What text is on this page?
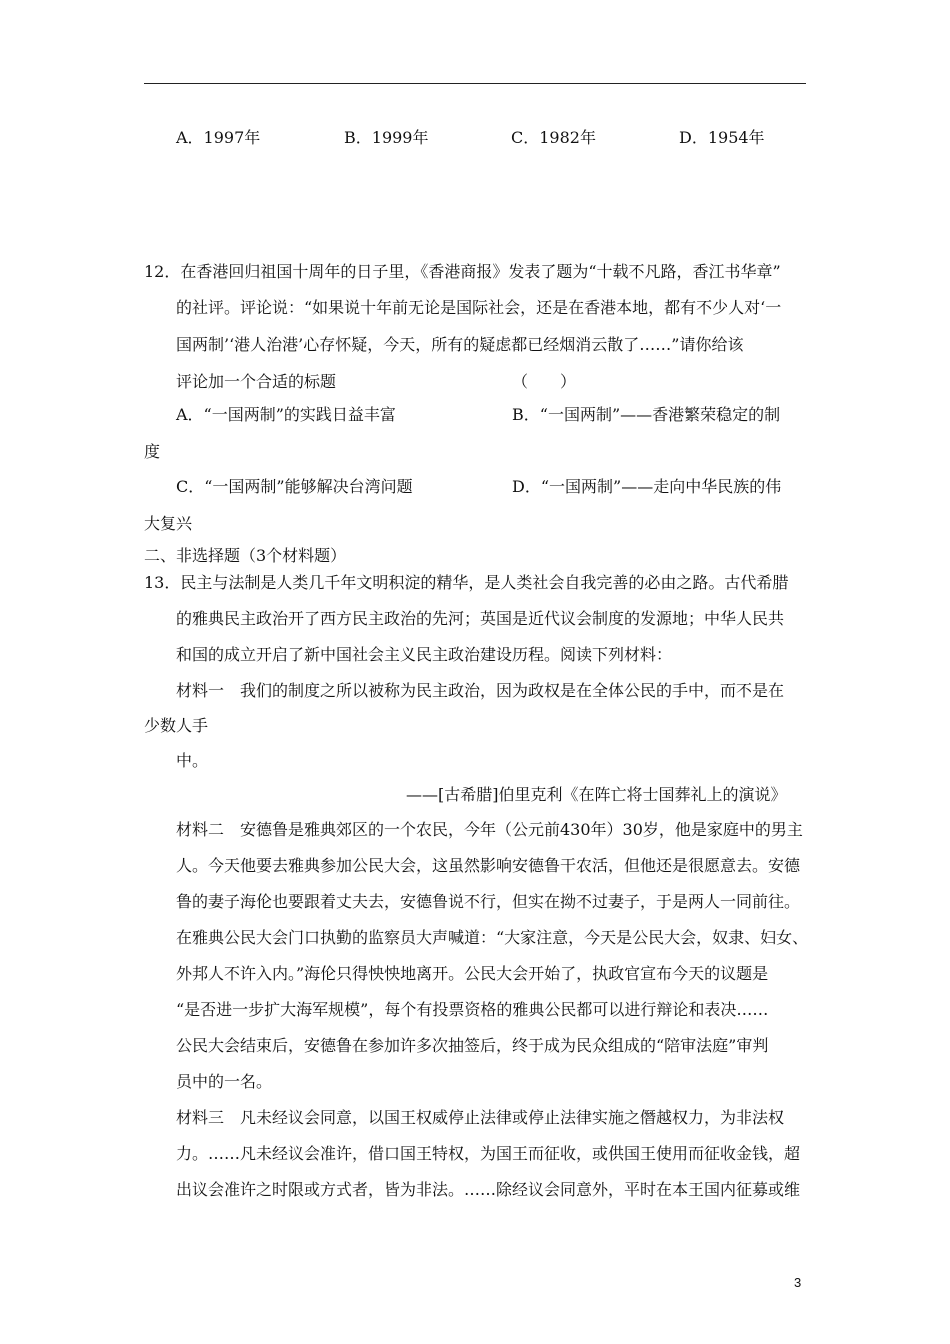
A．1997年	B．1999年	C．1982年	D．1954年
12．在香港回归祖国十周年的日子里，《香港商报》发表了题为“十载不凡路，香江书华章”
的社评。评论说：“如果说十年前无论是国际社会，还是在香港本地，都有不少人对‘一
国两制’‘港人治港’心存怀疑，今天，所有的疑虑都已经烟消云散了……”请你给该
评论加一个合适的标题	（　　）
A．“一国两制”的实践日益丰富	B．“一国两制”——香港繁荣稳定的制
度
C．“一国两制”能够解决台湾问题	D．“一国两制”——走向中华民族的伟
大复兴
二、非选择题（3个材料题）
13．民主与法制是人类几千年文明积淀的精华，是人类社会自我完善的必由之路。古代希腊
的雅典民主政治开了西方民主政治的先河；英国是近代议会制度的发源地；中华人民共
和国的成立开启了新中国社会主义民主政治建设历程。阅读下列材料：
材料一　我们的制度之所以被称为民主政治，因为政权是在全体公民的手中，而不是在
少数人手
中。
——[古希腊]伯里克利《在阵亡将士国葬礼上的演说》
材料二　安德鲁是雅典郊区的一个农民，今年（公元前430年）30岁，他是家庭中的男主
人。今天他要去雅典参加公民大会，这虽然影响安德鲁干农活，但他还是很愿意去。安德
鲁的妻子海伦也要跟着丈夫去，安德鲁说不行，但实在拗不过妻子，于是两人一同前往。
在雅典公民大会门口执勤的监察员大声喊道：“大家注意，今天是公民大会，奴隶、妇女、
外邦人不许入内。”海伦只得怏怏地离开。公民大会开始了，执政官宣布今天的议题是
“是否进一步扩大海军规模”，每个有投票资格的雅典公民都可以进行辩论和表决……
公民大会结束后，安德鲁在参加许多次抽签后，终于成为民众组成的“陪审法庭”审判
员中的一名。
材料三　凡未经议会同意，以国王权威停止法律或停止法律实施之僭越权力，为非法权
力。……凡未经议会准许，借口国王特权，为国王而征收，或供国王使用而征收金钱，超
出议会准许之时限或方式者，皆为非法。……除经议会同意外，平时在本王国内征募或维
3
